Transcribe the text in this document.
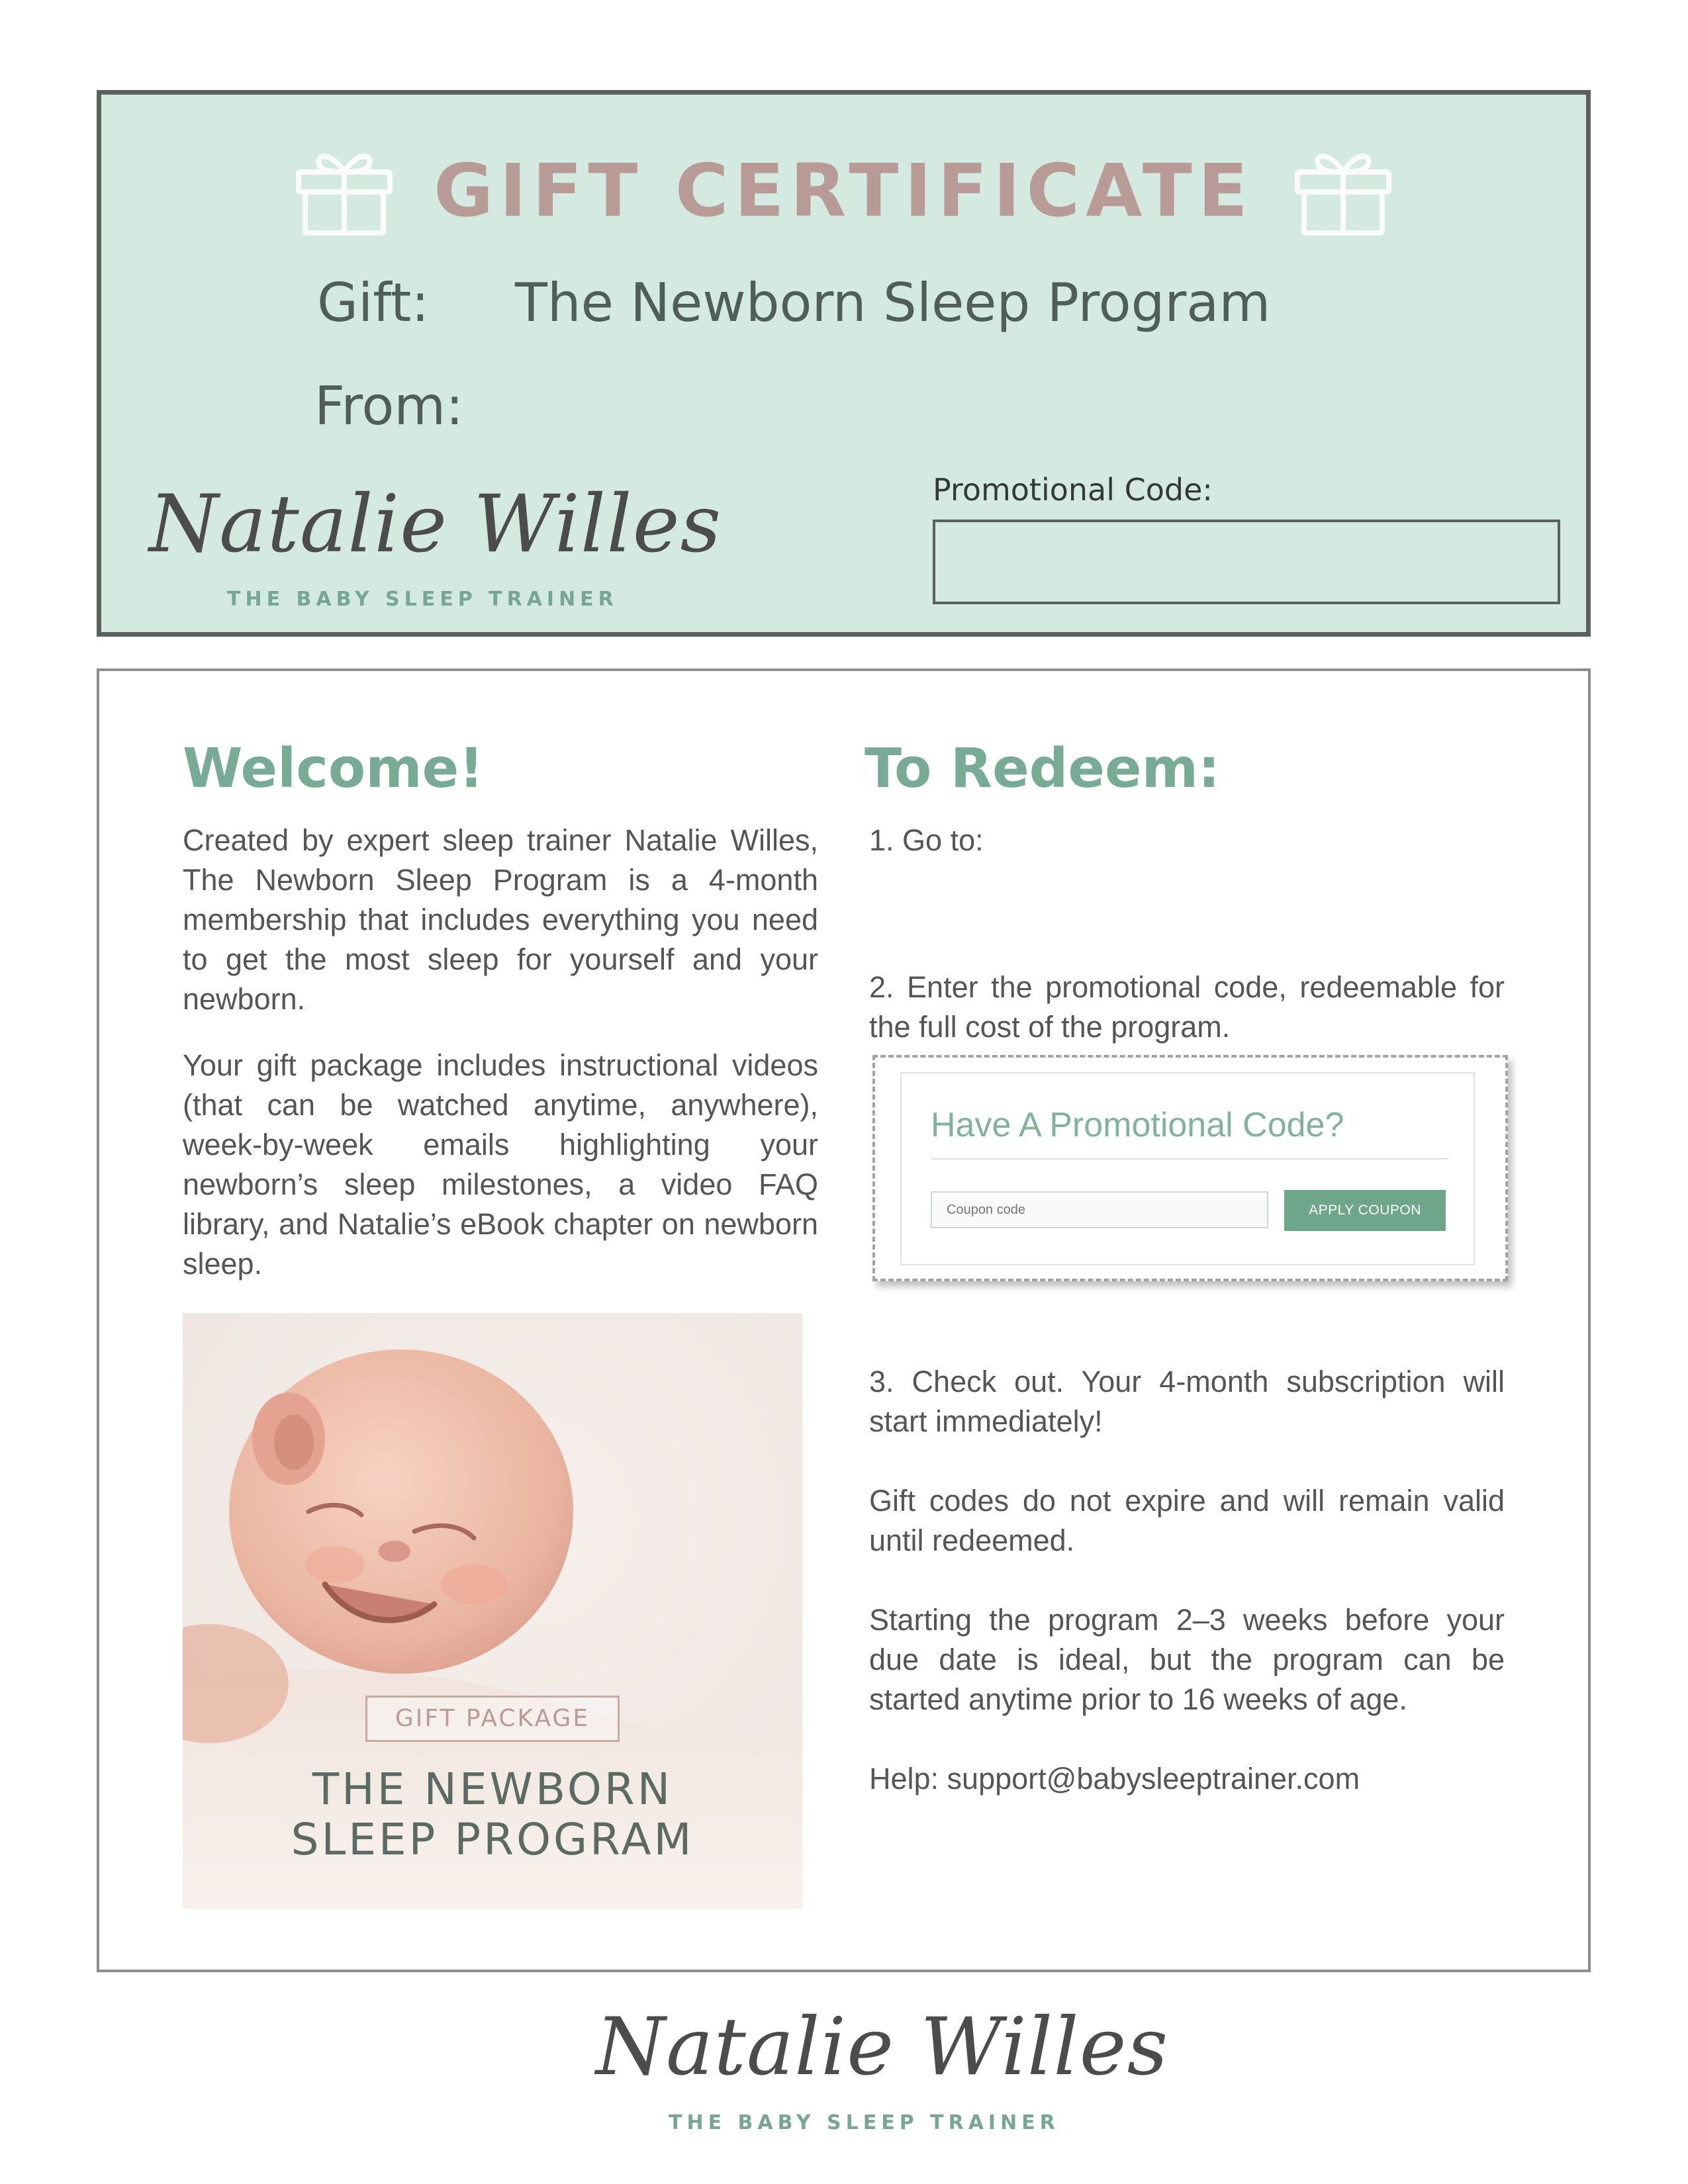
GIFT CERTIFICATE
Gift: The Newborn Sleep Program
From:
Natalie Willes
THE BABY SLEEP TRAINER
Promotional Code:
Welcome!

Created by expert sleep trainer Natalie Willes, The Newborn Sleep Program is a 4-month membership that includes everything you need to get the most sleep for yourself and your newborn.

Your gift package includes instructional videos (that can be watched anytime, anywhere), week-by-week emails highlighting your newborn’s sleep milestones, a video FAQ library, and Natalie’s eBook chapter on newborn sleep.

GIFT PACKAGE
THE NEWBORN
SLEEP PROGRAM
To Redeem:

1. Go to:

2. Enter the promotional code, redeemable for the full cost of the program.

Have A Promotional Code?
Coupon code
APPLY COUPON

3. Check out. Your 4-month subscription will start immediately!

Gift codes do not expire and will remain valid until redeemed.

Starting the program 2–3 weeks before your due date is ideal, but the program can be started anytime prior to 16 weeks of age.

Help: support@babysleeptrainer.com

Natalie Willes
THE BABY SLEEP TRAINER
